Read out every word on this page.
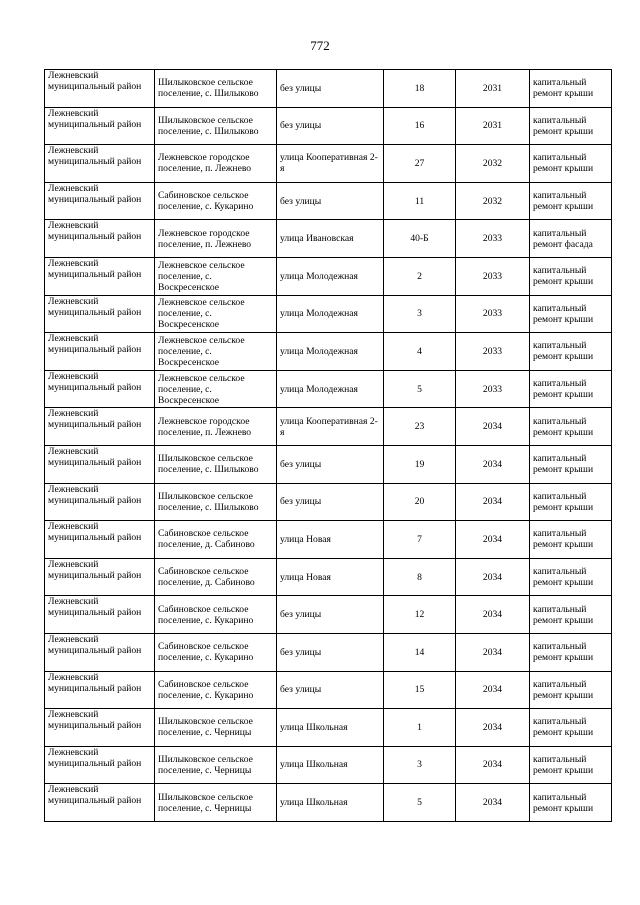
772
Лежневский муниципальный район	Шилыковское сельское поселение, с. Шилыково	без улицы	18	2031	капитальный ремонт крыши
Лежневский муниципальный район	Шилыковское сельское поселение, с. Шилыково	без улицы	16	2031	капитальный ремонт крыши
Лежневский муниципальный район	Лежневское городское поселение, п. Лежнево	улица Кооперативная 2-я	27	2032	капитальный ремонт крыши
Лежневский муниципальный район	Сабиновское сельское поселение, с. Кукарино	без улицы	11	2032	капитальный ремонт крыши
Лежневский муниципальный район	Лежневское городское поселение, п. Лежнево	улица Ивановская	40-Б	2033	капитальный ремонт фасада
Лежневский муниципальный район	Лежневское сельское поселение, с. Воскресенское	улица Молодежная	2	2033	капитальный ремонт крыши
Лежневский муниципальный район	Лежневское сельское поселение, с. Воскресенское	улица Молодежная	3	2033	капитальный ремонт крыши
Лежневский муниципальный район	Лежневское сельское поселение, с. Воскресенское	улица Молодежная	4	2033	капитальный ремонт крыши
Лежневский муниципальный район	Лежневское сельское поселение, с. Воскресенское	улица Молодежная	5	2033	капитальный ремонт крыши
Лежневский муниципальный район	Лежневское городское поселение, п. Лежнево	улица Кооперативная 2-я	23	2034	капитальный ремонт крыши
Лежневский муниципальный район	Шилыковское сельское поселение, с. Шилыково	без улицы	19	2034	капитальный ремонт крыши
Лежневский муниципальный район	Шилыковское сельское поселение, с. Шилыково	без улицы	20	2034	капитальный ремонт крыши
Лежневский муниципальный район	Сабиновское сельское поселение, д. Сабиново	улица Новая	7	2034	капитальный ремонт крыши
Лежневский муниципальный район	Сабиновское сельское поселение, д. Сабиново	улица Новая	8	2034	капитальный ремонт крыши
Лежневский муниципальный район	Сабиновское сельское поселение, с. Кукарино	без улицы	12	2034	капитальный ремонт крыши
Лежневский муниципальный район	Сабиновское сельское поселение, с. Кукарино	без улицы	14	2034	капитальный ремонт крыши
Лежневский муниципальный район	Сабиновское сельское поселение, с. Кукарино	без улицы	15	2034	капитальный ремонт крыши
Лежневский муниципальный район	Шилыковское сельское поселение, с. Черницы	улица Школьная	1	2034	капитальный ремонт крыши
Лежневский муниципальный район	Шилыковское сельское поселение, с. Черницы	улица Школьная	3	2034	капитальный ремонт крыши
Лежневский муниципальный район	Шилыковское сельское поселение, с. Черницы	улица Школьная	5	2034	капитальный ремонт крыши
